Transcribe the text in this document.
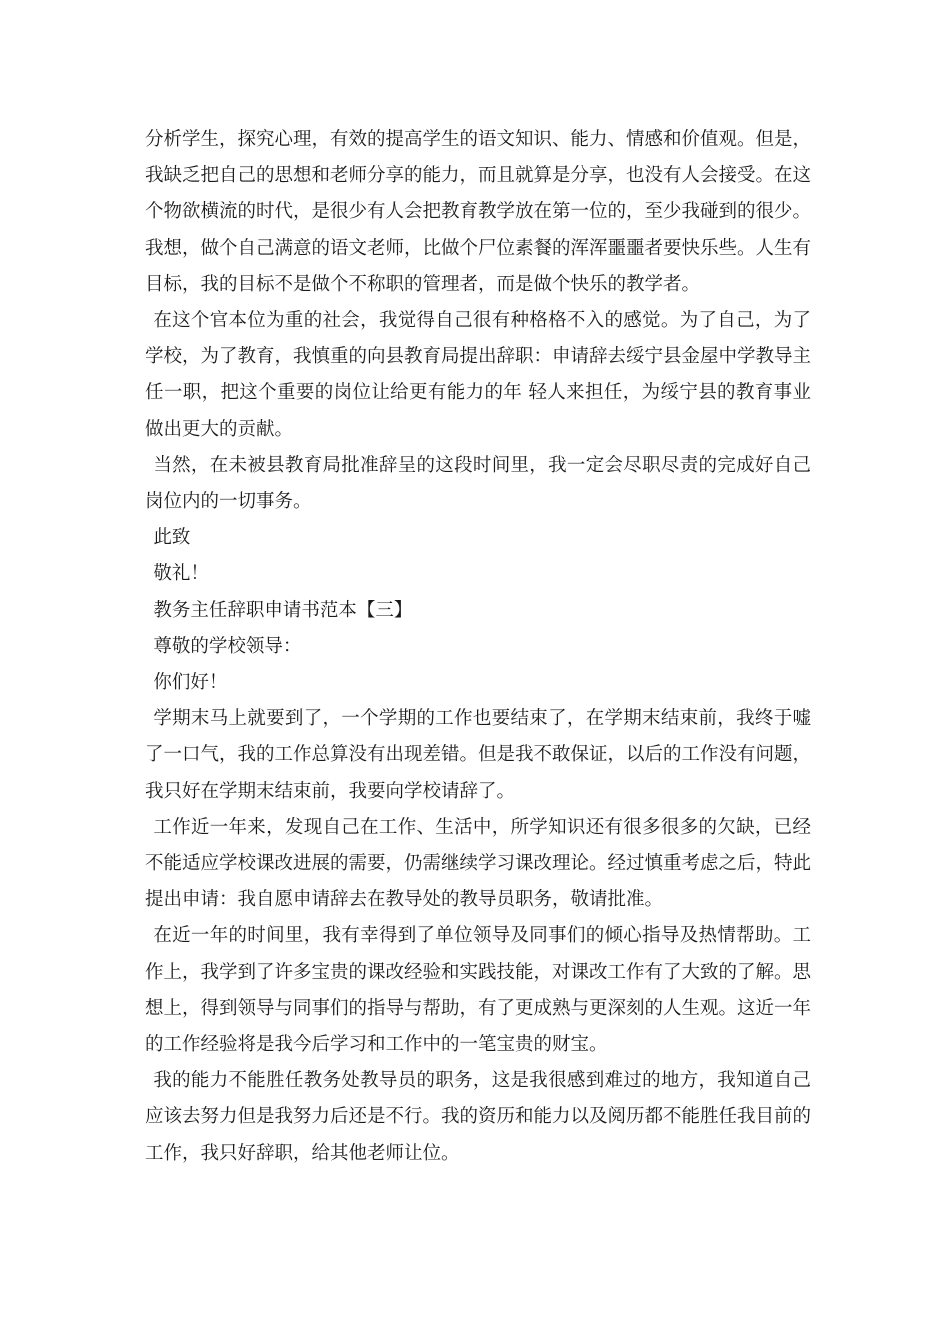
分析学生，探究心理，有效的提高学生的语文知识、能力、情感和价值观。但是，我缺乏把自己的思想和老师分享的能力，而且就算是分享，也没有人会接受。在这个物欲横流的时代，是很少有人会把教育教学放在第一位的，至少我碰到的很少。我想，做个自己满意的语文老师，比做个尸位素餐的浑浑噩噩者要快乐些。人生有目标，我的目标不是做个不称职的管理者，而是做个快乐的教学者。

在这个官本位为重的社会，我觉得自己很有种格格不入的感觉。为了自己，为了学校，为了教育，我慎重的向县教育局提出辞职：申请辞去绥宁县金屋中学教导主任一职，把这个重要的岗位让给更有能力的年 轻人来担任，为绥宁县的教育事业做出更大的贡献。

当然，在未被县教育局批准辞呈的这段时间里，我一定会尽职尽责的完成好自己岗位内的一切事务。

此致

敬礼！

教务主任辞职申请书范本【三】

尊敬的学校领导：

你们好！

学期末马上就要到了，一个学期的工作也要结束了，在学期末结束前，我终于嘘了一口气，我的工作总算没有出现差错。但是我不敢保证，以后的工作没有问题，我只好在学期末结束前，我要向学校请辞了。

工作近一年来，发现自己在工作、生活中，所学知识还有很多很多的欠缺，已经不能适应学校课改进展的需要，仍需继续学习课改理论。经过慎重考虑之后，特此提出申请：我自愿申请辞去在教导处的教导员职务，敬请批准。

在近一年的时间里，我有幸得到了单位领导及同事们的倾心指导及热情帮助。工作上，我学到了许多宝贵的课改经验和实践技能，对课改工作有了大致的了解。思想上，得到领导与同事们的指导与帮助，有了更成熟与更深刻的人生观。这近一年的工作经验将是我今后学习和工作中的一笔宝贵的财宝。

我的能力不能胜任教务处教导员的职务，这是我很感到难过的地方，我知道自己应该去努力但是我努力后还是不行。我的资历和能力以及阅历都不能胜任我目前的工作，我只好辞职，给其他老师让位。
